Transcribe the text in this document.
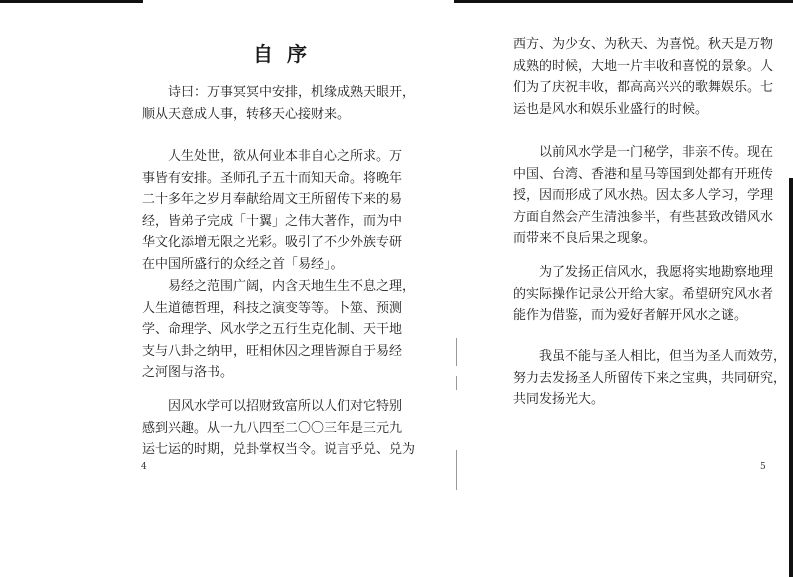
自序
诗曰：万事冥冥中安排，机缘成熟天眼开，
顺从天意成人事，转移天心接财来。
人生处世，欲从何业本非自心之所求。万
事皆有安排。圣师孔子五十而知天命。将晚年
二十多年之岁月奉献给周文王所留传下来的易
经，皆弟子完成「十翼」之伟大著作，而为中
华文化添增无限之光彩。吸引了不少外族专研
在中国所盛行的众经之首「易经」。
易经之范围广阔，内含天地生生不息之理，
人生道德哲理，科技之演变等等。卜筮、预测
学、命理学、风水学之五行生克化制、天干地
支与八卦之纳甲，旺相休囚之理皆源自于易经
之河图与洛书。
因风水学可以招财致富所以人们对它特别
感到兴趣。从一九八四至二〇〇三年是三元九
运七运的时期，兑卦掌权当令。说言乎兑、兑为
4
西方、为少女、为秋天、为喜悦。秋天是万物
成熟的时候，大地一片丰收和喜悦的景象。人
们为了庆祝丰收，都高高兴兴的歌舞娱乐。七
运也是风水和娱乐业盛行的时候。
以前风水学是一门秘学，非亲不传。现在
中国、台湾、香港和星马等国到处都有开班传
授，因而形成了风水热。因太多人学习，学理
方面自然会产生清浊参半，有些甚致改错风水
而带来不良后果之现象。
为了发扬正信风水，我愿将实地勘察地理
的实际操作记录公开给大家。希望研究风水者
能作为借鉴，而为爱好者解开风水之谜。
我虽不能与圣人相比，但当为圣人而效劳，
努力去发扬圣人所留传下来之宝典，共同研究，
共同发扬光大。
5
